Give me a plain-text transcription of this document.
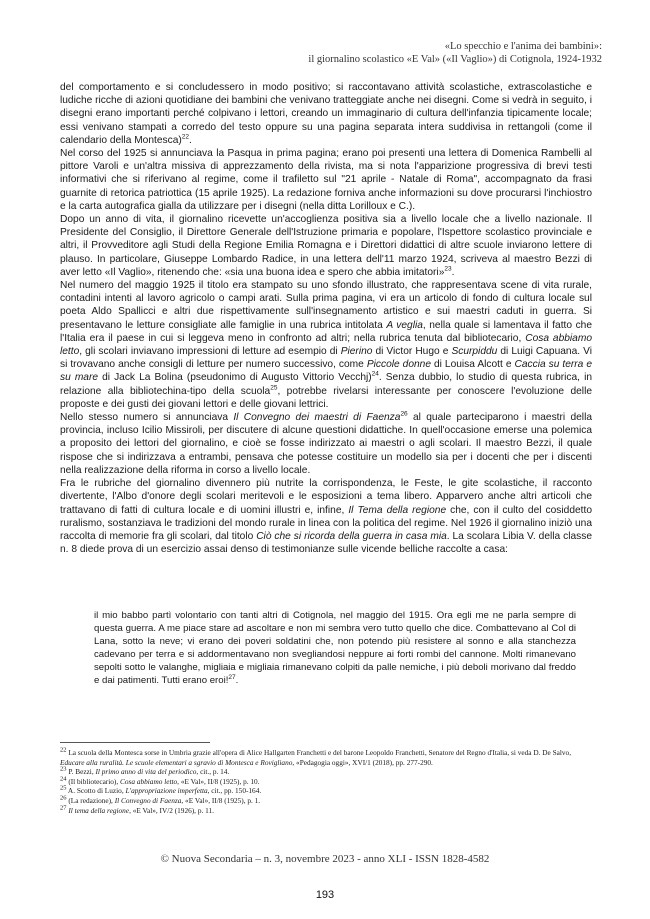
«Lo specchio e l'anima dei bambini»:
il giornalino scolastico «E Val» («Il Vaglio») di Cotignola, 1924-1932

del comportamento e si concludessero in modo positivo; si raccontavano attività scolastiche, extrascolastiche e ludiche ricche di azioni quotidiane dei bambini che venivano tratteggiate anche nei disegni. Come si vedrà in seguito, i disegni erano importanti perché colpivano i lettori, creando un immaginario di cultura dell'infanzia tipicamente locale; essi venivano stampati a corredo del testo oppure su una pagina separata intera suddivisa in rettangoli (come il calendario della Montesca)$^{22}$.

Nel corso del 1925 si annunciava la Pasqua in prima pagina; erano poi presenti una lettera di Domenica Rambelli al pittore Varoli e un'altra missiva di apprezzamento della rivista, ma si nota l'apparizione progressiva di brevi testi informativi che si riferivano al regime, come il trafiletto sul "21 aprile - Natale di Roma", accompagnato da frasi guarnite di retorica patriottica (15 aprile 1925). La redazione forniva anche informazioni su dove procurarsi l'inchiostro e la carta autografica gialla da utilizzare per i disegni (nella ditta Lorilloux e C.).

Dopo un anno di vita, il giornalino ricevette un'accoglienza positiva sia a livello locale che a livello nazionale. Il Presidente del Consiglio, il Direttore Generale dell'Istruzione primaria e popolare, l'Ispettore scolastico provinciale e altri, il Provveditore agli Studi della Regione Emilia Romagna e i Direttori didattici di altre scuole inviarono lettere di plauso. In particolare, Giuseppe Lombardo Radice, in una lettera dell'11 marzo 1924, scriveva al maestro Bezzi di aver letto «Il Vaglio», ritenendo che: «sia una buona idea e spero che abbia imitatori»$^{23}$.

Nel numero del maggio 1925 il titolo era stampato su uno sfondo illustrato, che rappresentava scene di vita rurale, contadini intenti al lavoro agricolo o campi arati. Sulla prima pagina, vi era un articolo di fondo di cultura locale sul poeta Aldo Spallicci e altri due rispettivamente sull'insegnamento artistico e sui maestri caduti in guerra. Si presentavano le letture consigliate alle famiglie in una rubrica intitolata A veglia, nella quale si lamentava il fatto che l'Italia era il paese in cui si leggeva meno in confronto ad altri; nella rubrica tenuta dal bibliotecario, Cosa abbiamo letto, gli scolari inviavano impressioni di letture ad esempio di Pierino di Victor Hugo e Scurpiddu di Luigi Capuana. Vi si trovavano anche consigli di letture per numero successivo, come Piccole donne di Louisa Alcott e Caccia su terra e su mare di Jack La Bolina (pseudonimo di Augusto Vittorio Vecchj)$^{24}$. Senza dubbio, lo studio di questa rubrica, in relazione alla bibliotechina-tipo della scuola$^{25}$, potrebbe rivelarsi interessante per conoscere l'evoluzione delle proposte e dei gusti dei giovani lettori e delle giovani lettrici.

Nello stesso numero si annunciava Il Convegno dei maestri di Faenza$^{26}$ al quale parteciparono i maestri della provincia, incluso Icilio Missiroli, per discutere di alcune questioni didattiche. In quell'occasione emerse una polemica a proposito dei lettori del giornalino, e cioè se fosse indirizzato ai maestri o agli scolari. Il maestro Bezzi, il quale rispose che si indirizzava a entrambi, pensava che potesse costituire un modello sia per i docenti che per i discenti nella realizzazione della riforma in corso a livello locale.

Fra le rubriche del giornalino divennero più nutrite la corrispondenza, le Feste, le gite scolastiche, il racconto divertente, l'Albo d'onore degli scolari meritevoli e le esposizioni a tema libero. Apparvero anche altri articoli che trattavano di fatti di cultura locale e di uomini illustri e, infine, Il Tema della regione che, con il culto del cosiddetto ruralismo, sostanziava le tradizioni del mondo rurale in linea con la politica del regime. Nel 1926 il giornalino iniziò una raccolta di memorie fra gli scolari, dal titolo Ciò che si ricorda della guerra in casa mia. La scolara Libia V. della classe n. 8 diede prova di un esercizio assai denso di testimonianze sulle vicende belliche raccolte a casa:

il mio babbo partì volontario con tanti altri di Cotignola, nel maggio del 1915. Ora egli me ne parla sempre di questa guerra. A me piace stare ad ascoltare e non mi sembra vero tutto quello che dice. Combattevano al Col di Lana, sotto la neve; vi erano dei poveri soldatini che, non potendo più resistere al sonno e alla stanchezza cadevano per terra e si addormentavano non svegliandosi neppure ai forti rombi del cannone. Molti rimanevano sepolti sotto le valanghe, migliaia e migliaia rimanevano colpiti da palle nemiche, i più deboli morivano dal freddo e dai patimenti. Tutti erano eroi!$^{27}$.
$^{22}$ La scuola della Montesca sorse in Umbria grazie all'opera di Alice Hallgarten Franchetti e del barone Leopoldo Franchetti, Senatore del Regno d'Italia, si veda D. De Salvo, Educare alla ruralità. Le scuole elementari a sgravio di Montesca e Rovigliano, «Pedagogia oggi», XVI/1 (2018), pp. 277-290.
$^{23}$ P. Bezzi, Il primo anno di vita del periodico, cit., p. 14.
$^{24}$ (Il bibliotecario), Cosa abbiamo letto, «E Val», II/8 (1925), p. 10.
$^{25}$ A. Scotto di Luzio, L'appropriazione imperfetta, cit., pp. 150-164.
$^{26}$ (La redazione), Il Convegno di Faenza, «E Val», II/8 (1925), p. 1.
$^{27}$ Il tema della regione, «E Val», IV/2 (1926), p. 11.
© Nuova Secondaria – n. 3, novembre 2023 - anno XLI - ISSN 1828-4582
193
